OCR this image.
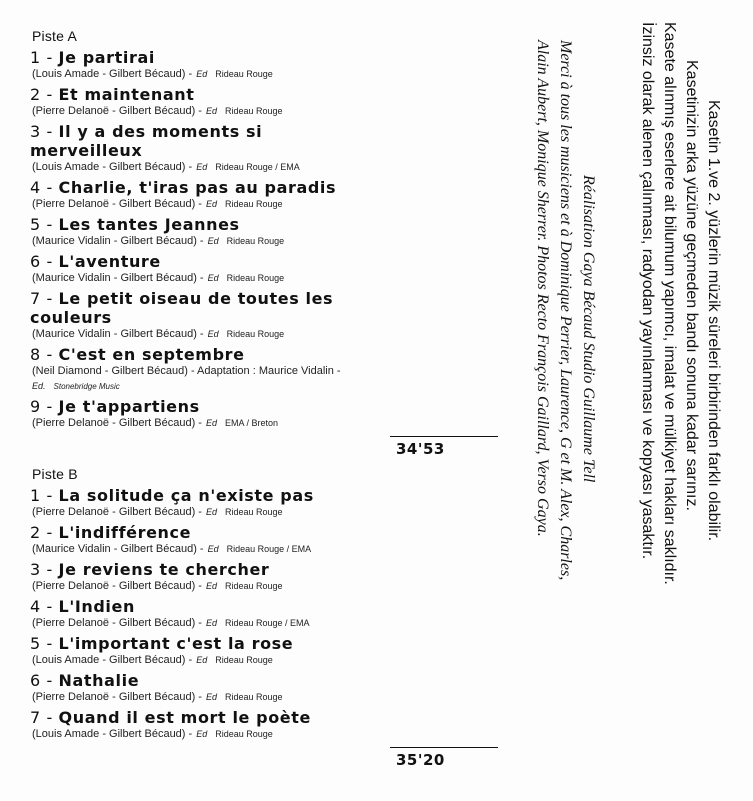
Piste A
1 - Je partirai
(Louis Amade - Gilbert Bécaud) - Ed Rideau Rouge
2 - Et maintenant
(Pierre Delanoë - Gilbert Bécaud) - Ed Rideau Rouge
3 - Il y a des moments si
merveilleux
(Louis Amade - Gilbert Bécaud) - Ed Rideau Rouge / EMA
4 - Charlie, t'iras pas au paradis
(Pierre Delanoë - Gilbert Bécaud) - Ed Rideau Rouge
5 - Les tantes Jeannes
(Maurice Vidalin - Gilbert Bécaud) - Ed Rideau Rouge
6 - L'aventure
(Maurice Vidalin - Gilbert Bécaud) - Ed Rideau Rouge
7 - Le petit oiseau de toutes les
couleurs
(Maurice Vidalin - Gilbert Bécaud) - Ed Rideau Rouge
8 - C'est en septembre
(Neil Diamond - Gilbert Bécaud) - Adaptation : Maurice Vidalin -
Ed. Stonebridge Music
9 - Je t'appartiens
(Pierre Delanoë - Gilbert Bécaud) - Ed EMA / Breton
34'53
Piste B
1 - La solitude ça n'existe pas
(Pierre Delanoë - Gilbert Bécaud) - Ed Rideau Rouge
2 - L'indifférence
(Maurice Vidalin - Gilbert Bécaud) - Ed Rideau Rouge / EMA
3 - Je reviens te chercher
(Pierre Delanoë - Gilbert Bécaud) - Ed Rideau Rouge
4 - L'Indien
(Pierre Delanoë - Gilbert Bécaud) - Ed Rideau Rouge / EMA
5 - L'important c'est la rose
(Louis Amade - Gilbert Bécaud) - Ed Rideau Rouge
6 - Nathalie
(Pierre Delanoë - Gilbert Bécaud) - Ed Rideau Rouge
7 - Quand il est mort le poète
(Louis Amade - Gilbert Bécaud) - Ed Rideau Rouge
35'20
Réalisation Gaya Bécaud Studio Guillaume Tell
Merci à tous les musiciens et à Dominique Perrier, Laurence, G et M. Alex, Charles,
Alain Aubert, Monique Sherrer. Photos Recto François Gaillard, Verso Gaya.	Kasetin 1.ve 2. yüzlerin müzik süreleri birbirinden farklı olabilir.
Kasetinizin arka yüzüne geçmeden bandı sonuna kadar sarınız.
Kasete alınmış eserlere ait bilumum yapımcı, imalat ve mülkiyet hakları saklıdır.
İzinsiz olarak alenen çalınması, radyodan yayınlanması ve kopyası yasaktır.
